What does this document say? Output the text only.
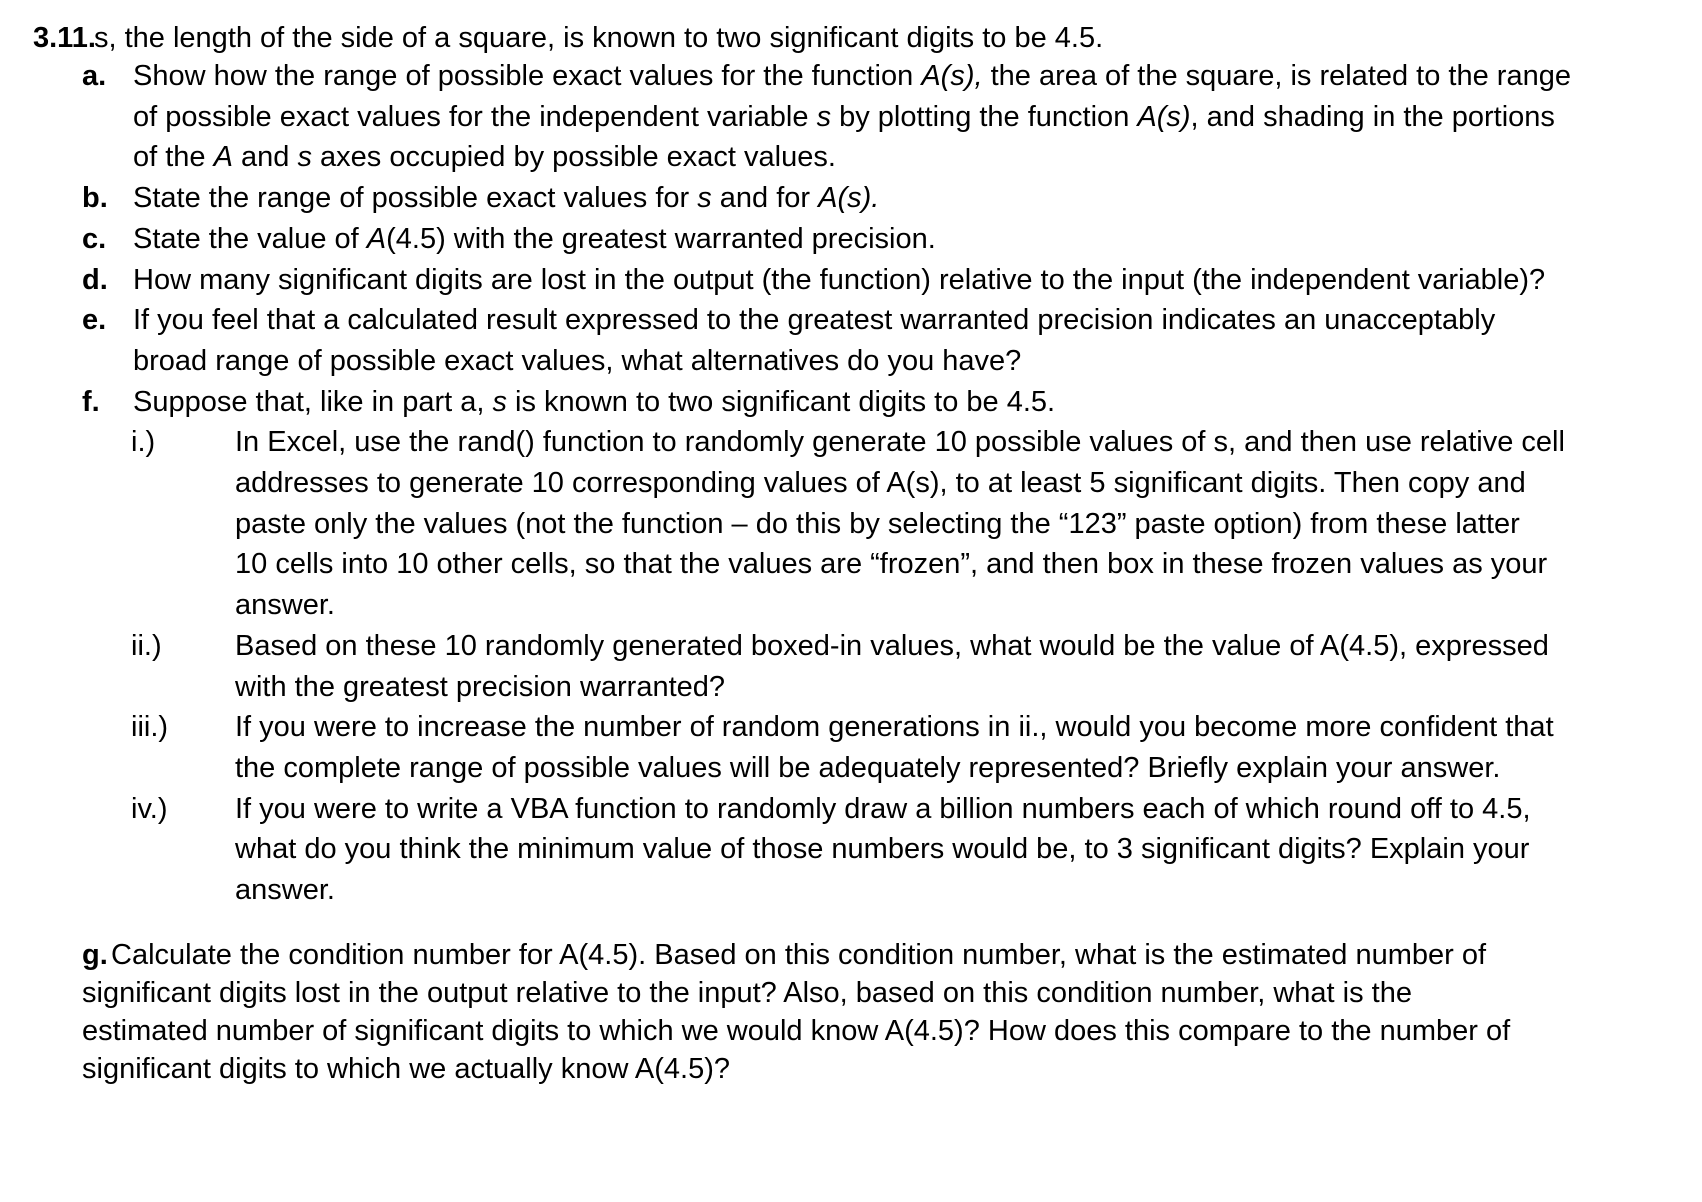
3.11.
s, the length of the side of a square, is known to two significant digits to be 4.5.
a. Show how the range of possible exact values for the function A(s), the area of the square, is related to the range
of possible exact values for the independent variable s by plotting the function A(s), and shading in the portions
of the A and s axes occupied by possible exact values.
b. State the range of possible exact values for s and for A(s).
c. State the value of A(4.5) with the greatest warranted precision.
d. How many significant digits are lost in the output (the function) relative to the input (the independent variable)?
e. If you feel that a calculated result expressed to the greatest warranted precision indicates an unacceptably
broad range of possible exact values, what alternatives do you have?
f. Suppose that, like in part a, s is known to two significant digits to be 4.5.
i.)	In Excel, use the rand() function to randomly generate 10 possible values of s, and then use relative cell
addresses to generate 10 corresponding values of A(s), to at least 5 significant digits. Then copy and
paste only the values (not the function – do this by selecting the “123” paste option) from these latter
10 cells into 10 other cells, so that the values are “frozen”, and then box in these frozen values as your
answer.
ii.)	Based on these 10 randomly generated boxed-in values, what would be the value of A(4.5), expressed
with the greatest precision warranted?
iii.) If you were to increase the number of random generations in ii., would you become more confident that
the complete range of possible values will be adequately represented? Briefly explain your answer.
iv.) If you were to write a VBA function to randomly draw a billion numbers each of which round off to 4.5,
what do you think the minimum value of those numbers would be, to 3 significant digits? Explain your
answer.
g. Calculate the condition number for A(4.5). Based on this condition number, what is the estimated number of
significant digits lost in the output relative to the input? Also, based on this condition number, what is the
estimated number of significant digits to which we would know A(4.5)? How does this compare to the number of
significant digits to which we actually know A(4.5)?
